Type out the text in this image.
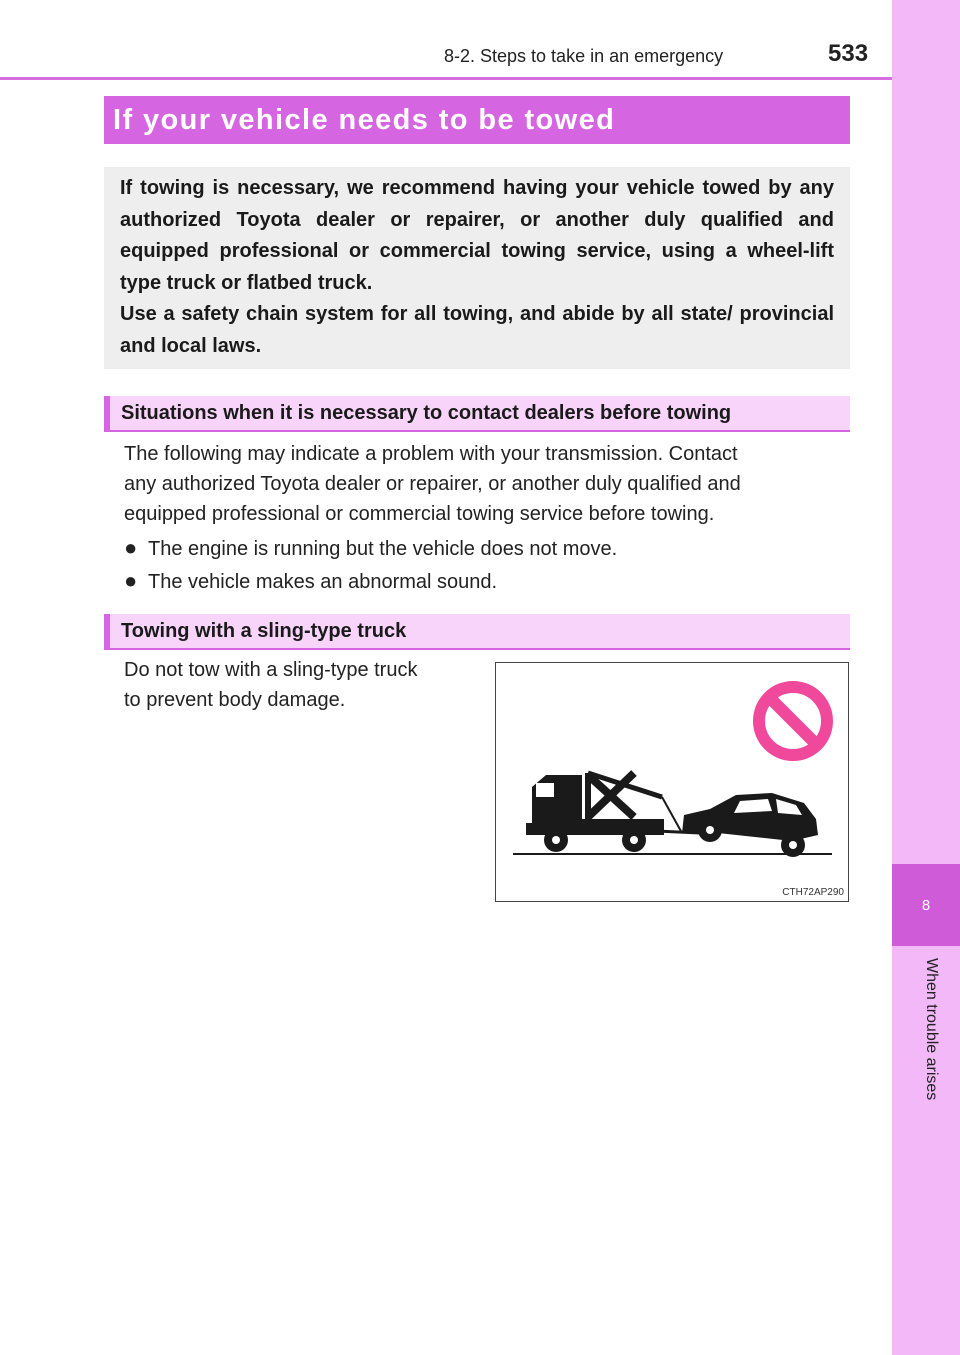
8
When trouble arises
8-2. Steps to take in an emergency	533
If your vehicle needs to be towed

If towing is necessary, we recommend having your vehicle towed by any authorized Toyota dealer or repairer, or another duly qualified and equipped professional or commercial towing service, using a wheel-lift type truck or flatbed truck.

Use a safety chain system for all towing, and abide by all state/ provincial and local laws.

Situations when it is necessary to contact dealers before towing
The following may indicate a problem with your transmission. Contact
any authorized Toyota dealer or repairer, or another duly qualified and
equipped professional or commercial towing service before towing.
● The engine is running but the vehicle does not move.
● The vehicle makes an abnormal sound.
Towing with a sling-type truck
Do not tow with a sling-type truck
to prevent body damage.
CTH72AP290
